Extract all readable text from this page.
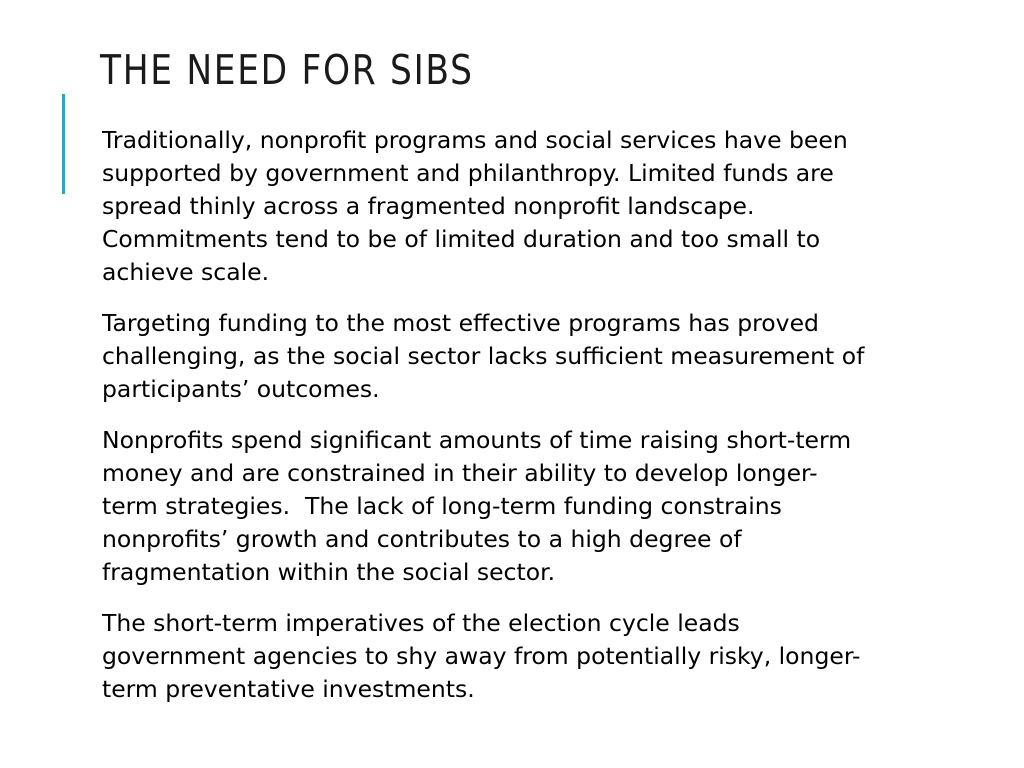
THE NEED FOR SIBS

Traditionally, nonprofit programs and social services have been
supported by government and philanthropy. Limited funds are
spread thinly across a fragmented nonprofit landscape.
Commitments tend to be of limited duration and too small to
achieve scale.

Targeting funding to the most effective programs has proved
challenging, as the social sector lacks sufficient measurement of
participants’ outcomes.

Nonprofits spend significant amounts of time raising short-term
money and are constrained in their ability to develop longer-
term strategies.  The lack of long-term funding constrains
nonprofits’ growth and contributes to a high degree of
fragmentation within the social sector.

The short-term imperatives of the election cycle leads
government agencies to shy away from potentially risky, longer-
term preventative investments.
